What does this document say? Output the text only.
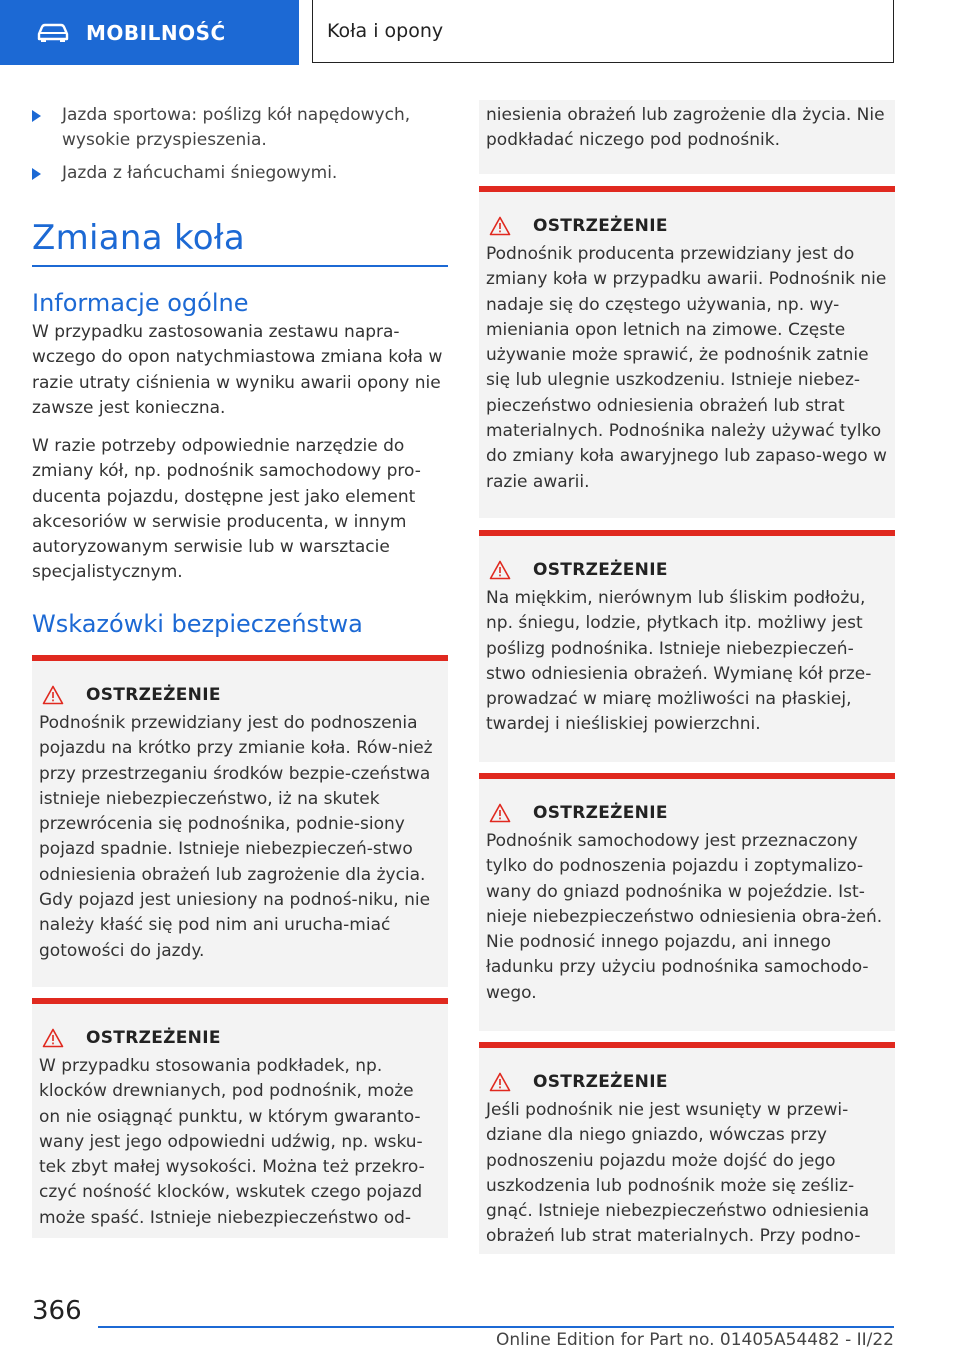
MOBILNOŚĆ	Koła i opony
Jazda sportowa: poślizg kół napędowych, wysokie przyspieszenia.
Jazda z łańcuchami śniegowymi.
Zmiana koła
Informacje ogólne

W przypadku zastosowania zestawu napra-wczego do opon natychmiastowa zmiana koła w razie utraty ciśnienia w wyniku awarii opony nie zawsze jest konieczna.

W razie potrzeby odpowiednie narzędzie do zmiany kół, np. podnośnik samochodowy pro-ducenta pojazdu, dostępne jest jako element akcesoriów w serwisie producenta, w innym autoryzowanym serwisie lub w warsztacie specjalistycznym.

Wskazówki bezpieczeństwa
OSTRZEŻENIE
Podnośnik przewidziany jest do podnoszenia pojazdu na krótko przy zmianie koła. Rów-nież przy przestrzeganiu środków bezpie-czeństwa istnieje niebezpieczeństwo, iż na skutek przewrócenia się podnośnika, podnie-siony pojazd spadnie. Istnieje niebezpieczeń-stwo odniesienia obrażeń lub zagrożenie dla życia. Gdy pojazd jest uniesiony na podnoś-niku, nie należy kłaść się pod nim ani urucha-miać gotowości do jazdy.
OSTRZEŻENIE
W przypadku stosowania podkładek, np. klocków drewnianych, pod podnośnik, może on nie osiągnąć punktu, w którym gwaranto-wany jest jego odpowiedni udźwig, np. wsku-tek zbyt małej wysokości. Można też przekro-czyć nośność klocków, wskutek czego pojazd może spaść. Istnieje niebezpieczeństwo od-
niesienia obrażeń lub zagrożenie dla życia. Nie podkładać niczego pod podnośnik.
OSTRZEŻENIE
Podnośnik producenta przewidziany jest do zmiany koła w przypadku awarii. Podnośnik nie nadaje się do częstego używania, np. wy-mieniania opon letnich na zimowe. Częste używanie może sprawić, że podnośnik zatnie się lub ulegnie uszkodzeniu. Istnieje niebez-pieczeństwo odniesienia obrażeń lub strat materialnych. Podnośnika należy używać tylko do zmiany koła awaryjnego lub zapaso-wego w razie awarii.
OSTRZEŻENIE
Na miękkim, nierównym lub śliskim podłożu, np. śniegu, lodzie, płytkach itp. możliwy jest poślizg podnośnika. Istnieje niebezpieczeń-stwo odniesienia obrażeń. Wymianę kół prze-prowadzać w miarę możliwości na płaskiej, twardej i nieśliskiej powierzchni.
OSTRZEŻENIE
Podnośnik samochodowy jest przeznaczony tylko do podnoszenia pojazdu i zoptymalizo-wany do gniazd podnośnika w pojeździe. Ist-nieje niebezpieczeństwo odniesienia obra-żeń. Nie podnosić innego pojazdu, ani innego ładunku przy użyciu podnośnika samochodo-wego.
OSTRZEŻENIE
Jeśli podnośnik nie jest wsunięty w przewi-dziane dla niego gniazdo, wówczas przy podnoszeniu pojazdu może dojść do jego uszkodzenia lub podnośnik może się ześliz-gnąć. Istnieje niebezpieczeństwo odniesienia obrażeń lub strat materialnych. Przy podno-
366
Online Edition for Part no. 01405A54482 - II/22
